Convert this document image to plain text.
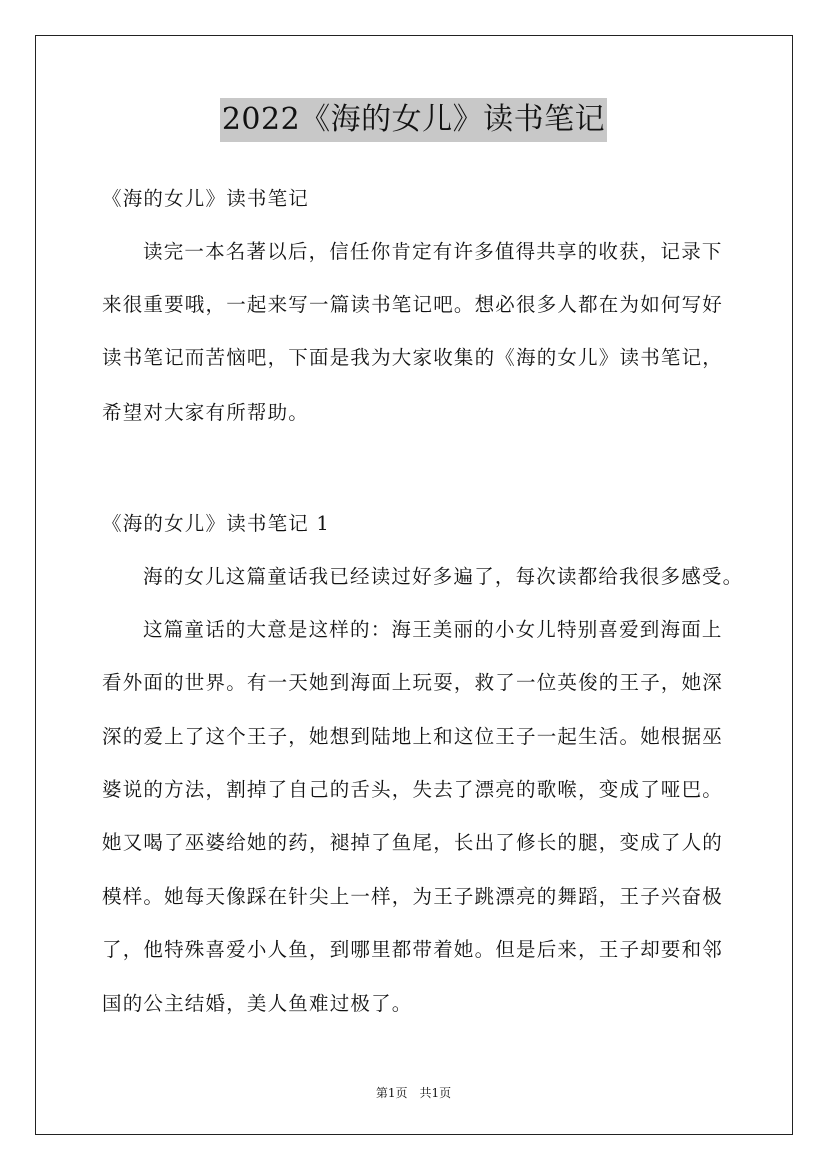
2022《海的女儿》读书笔记
《海的女儿》读书笔记
读完一本名著以后，信任你肯定有许多值得共享的收获，记录下
来很重要哦，一起来写一篇读书笔记吧。想必很多人都在为如何写好
读书笔记而苦恼吧，下面是我为大家收集的《海的女儿》读书笔记，
希望对大家有所帮助。
《海的女儿》读书笔记 1
海的女儿这篇童话我已经读过好多遍了，每次读都给我很多感受。
这篇童话的大意是这样的：海王美丽的小女儿特别喜爱到海面上
看外面的世界。有一天她到海面上玩耍，救了一位英俊的王子，她深
深的爱上了这个王子，她想到陆地上和这位王子一起生活。她根据巫
婆说的方法，割掉了自己的舌头，失去了漂亮的歌喉，变成了哑巴。
她又喝了巫婆给她的药，褪掉了鱼尾，长出了修长的腿，变成了人的
模样。她每天像踩在针尖上一样，为王子跳漂亮的舞蹈，王子兴奋极
了，他特殊喜爱小人鱼，到哪里都带着她。但是后来，王子却要和邻
国的公主结婚，美人鱼难过极了。
第1页　共1页
